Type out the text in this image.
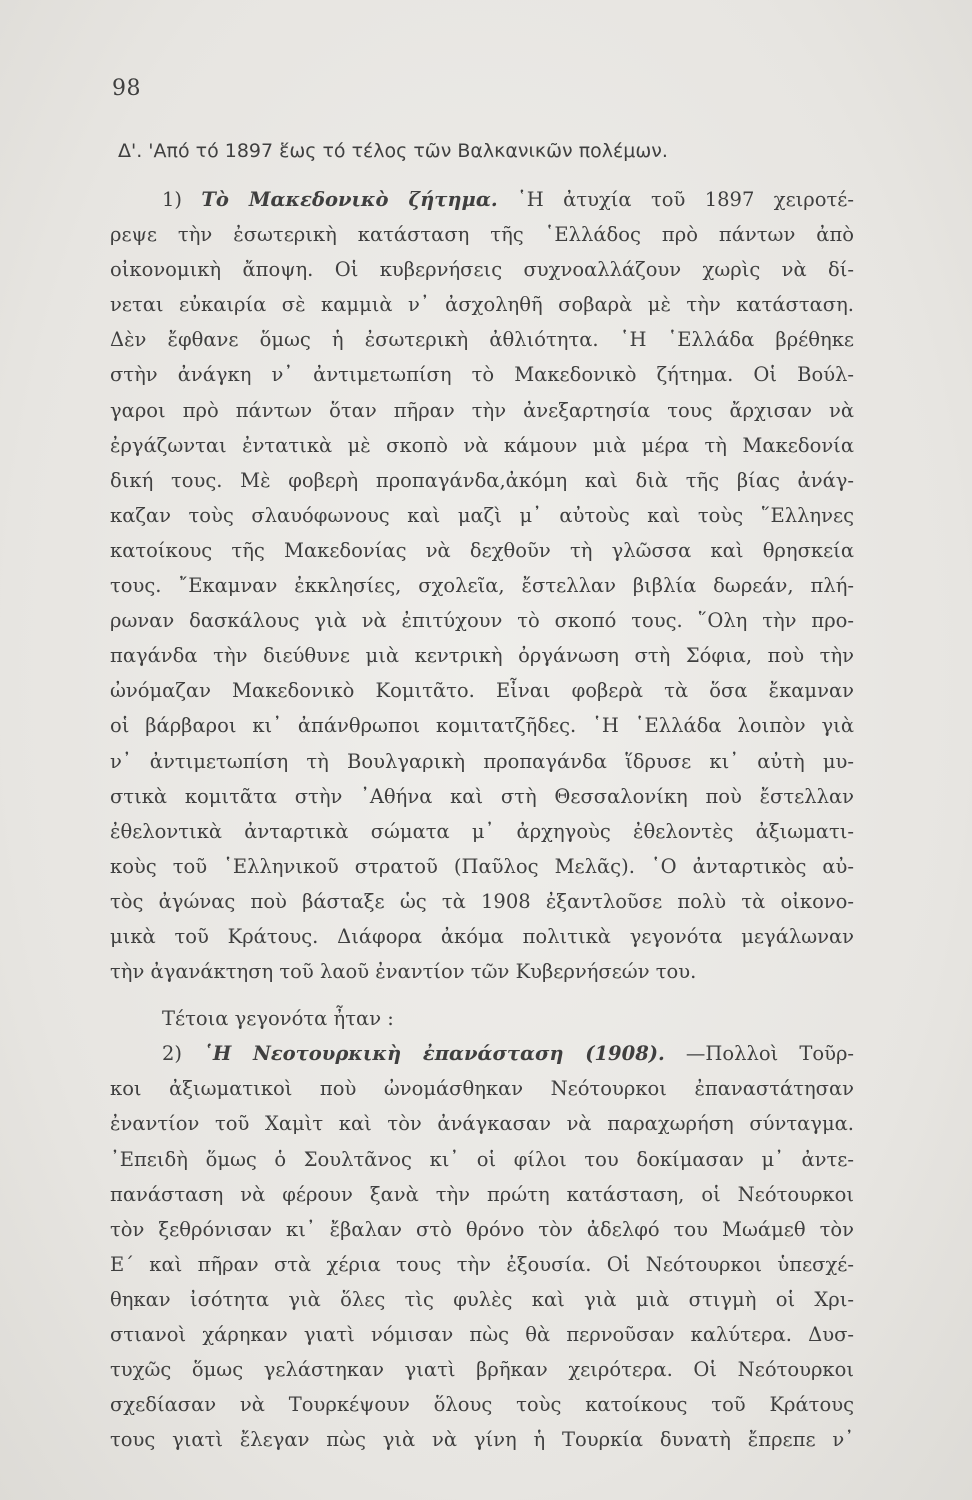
98
Δ'. 'Από τό 1897 ἕως τό τέλος τῶν Βαλκανικῶν πολέμων.
1) Τὸ Μακεδονικὸ ζήτημα. ῾Η ἀτυχία τοῦ 1897 χειροτέ-
ρεψε τὴν ἐσωτερικὴ κατάσταση τῆς ῾Ελλάδος πρὸ πάντων ἀπὸ
οἰκονομικὴ ἄποψη. Οἱ κυβερνήσεις συχνοαλλάζουν χωρὶς νὰ δί-
νεται εὐκαιρία σὲ καμμιὰ ν᾽ ἀσχοληθῆ σοβαρὰ μὲ τὴν κατάσταση.
Δὲν ἔφθανε ὅμως ἡ ἐσωτερικὴ ἀθλιότητα. ῾Η ῾Ελλάδα βρέθηκε
στὴν ἀνάγκη ν᾽ ἀντιμετωπίση τὸ Μακεδονικὸ ζήτημα. Οἱ Βούλ-
γαροι πρὸ πάντων ὅταν πῆραν τὴν ἀνεξαρτησία τους ἄρχισαν νὰ
ἐργάζωνται ἐντατικὰ μὲ σκοπὸ νὰ κάμουν μιὰ μέρα τὴ Μακεδονία
δική τους. Μὲ φοβερὴ προπαγάνδα,ἀκόμη καὶ διὰ τῆς βίας ἀνάγ-
καζαν τοὺς σλαυόφωνους καὶ μαζὶ μ᾽ αὐτοὺς καὶ τοὺς ῞Ελληνες
κατοίκους τῆς Μακεδονίας νὰ δεχθοῦν τὴ γλῶσσα καὶ θρησκεία
τους. ῎Εκαμναν ἐκκλησίες, σχολεῖα, ἔστελλαν βιβλία δωρεάν, πλή-
ρωναν δασκάλους γιὰ νὰ ἐπιτύχουν τὸ σκοπό τους. ῞Ολη τὴν προ-
παγάνδα τὴν διεύθυνε μιὰ κεντρικὴ ὀργάνωση στὴ Σόφια, ποὺ τὴν
ὠνόμαζαν Μακεδονικὸ Κομιτᾶτο. Εἶναι φοβερὰ τὰ ὅσα ἔκαμναν
οἱ βάρβαροι κι᾽ ἀπάνθρωποι κομιτατζῆδες. ῾Η ῾Ελλάδα λοιπὸν γιὰ
ν᾽ ἀντιμετωπίση τὴ Βουλγαρικὴ προπαγάνδα ἵδρυσε κι᾽ αὐτὴ μυ-
στικὰ κομιτᾶτα στὴν ᾽Αθήνα καὶ στὴ Θεσσαλονίκη ποὺ ἔστελλαν
ἐθελοντικὰ ἀνταρτικὰ σώματα μ᾽ ἀρχηγοὺς ἐθελοντὲς ἀξιωματι-
κοὺς τοῦ ῾Ελληνικοῦ στρατοῦ (Παῦλος Μελᾶς). ῾Ο ἀνταρτικὸς αὐ-
τὸς ἀγώνας ποὺ βάσταξε ὡς τὰ 1908 ἐξαντλοῦσε πολὺ τὰ οἰκονο-
μικὰ τοῦ Κράτους. Διάφορα ἀκόμα πολιτικὰ γεγονότα μεγάλωναν
τὴν ἀγανάκτηση τοῦ λαοῦ ἐναντίον τῶν Κυβερνήσεών του.
Τέτοια γεγονότα ἦταν :
2) ῾Η Νεοτουρκικὴ ἐπανάσταση (1908). —Πολλοὶ Τοῦρ-
κοι ἀξιωματικοὶ ποὺ ὠνομάσθηκαν Νεότουρκοι ἐπαναστάτησαν
ἐναντίον τοῦ Χαμὶτ καὶ τὸν ἀνάγκασαν νὰ παραχωρήση σύνταγμα.
᾽Επειδὴ ὅμως ὁ Σουλτᾶνος κι᾽ οἱ φίλοι του δοκίμασαν μ᾽ ἀντε-
πανάσταση νὰ φέρουν ξανὰ τὴν πρώτη κατάσταση, οἱ Νεότουρκοι
τὸν ξεθρόνισαν κι᾽ ἔβαλαν στὸ θρόνο τὸν ἀδελφό του Μωάμεθ τὸν
Ε΄ καὶ πῆραν στὰ χέρια τους τὴν ἐξουσία. Οἱ Νεότουρκοι ὑπεσχέ-
θηκαν ἰσότητα γιὰ ὅλες τὶς φυλὲς καὶ γιὰ μιὰ στιγμὴ οἱ Χρι-
στιανοὶ χάρηκαν γιατὶ νόμισαν πὼς θὰ περνοῦσαν καλύτερα. Δυσ-
τυχῶς ὅμως γελάστηκαν γιατὶ βρῆκαν χειρότερα. Οἱ Νεότουρκοι
σχεδίασαν νὰ Τουρκέψουν ὅλους τοὺς κατοίκους τοῦ Κράτους
τους γιατὶ ἔλεγαν πὼς γιὰ νὰ γίνη ἡ Τουρκία δυνατὴ ἔπρεπε ν᾽
